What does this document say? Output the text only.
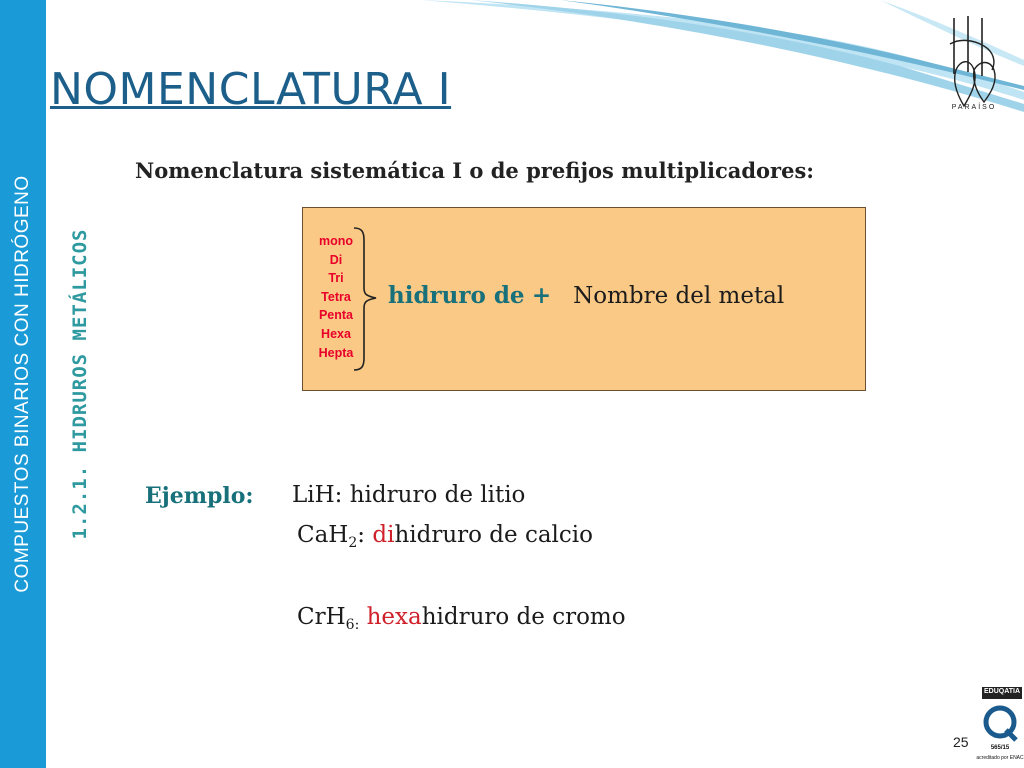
COMPUESTOS BINARIOS CON HIDRÓGENO 1.2.1. HIDRUROS METÁLICOS
NOMENCLATURA I	PARAÍSO
Nomenclatura sistemática I o de prefijos multiplicadores:
mono
Di
Tri
Tetra
Penta
Hexa
Hepta
hidruro de + Nombre del metal
Ejemplo: LiH: hidruro de litio
CaH$_2$: dihidruro de calcio
CrH$_{6:}$ hexahidruro de cromo
EDUQATIA
565/15
acreditado por ENAC
25
